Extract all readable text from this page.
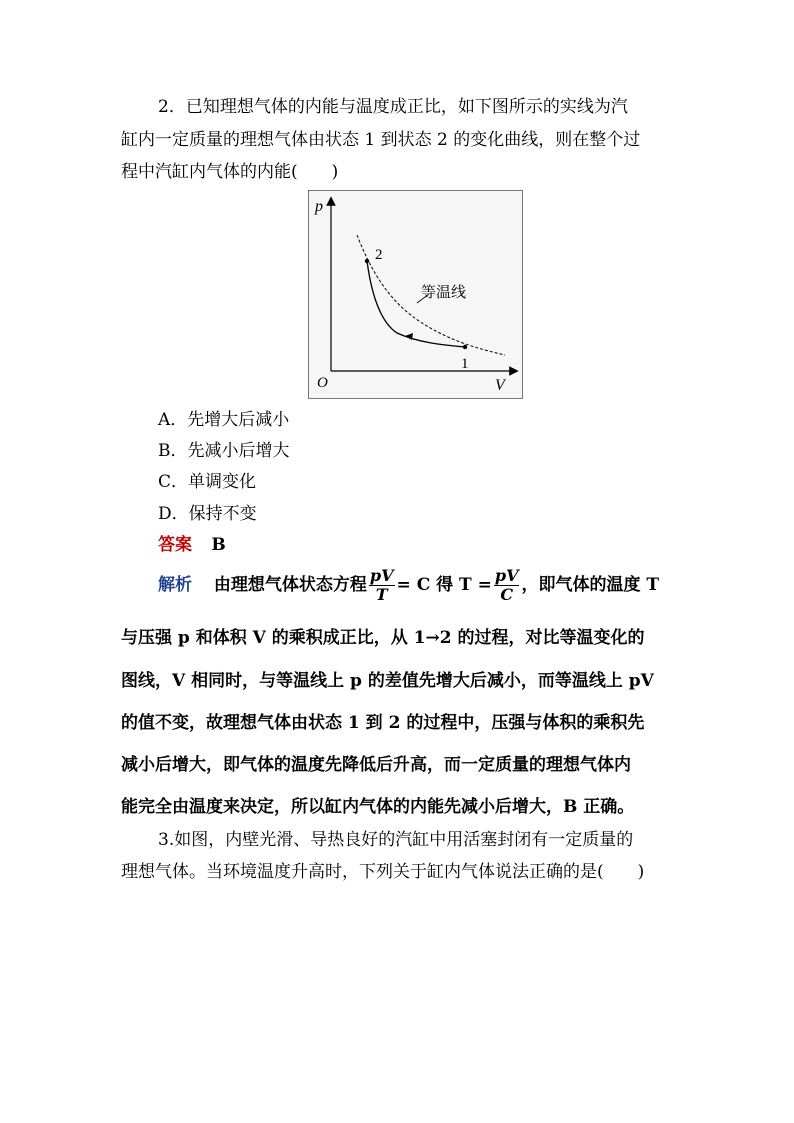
2．已知理想气体的内能与温度成正比，如下图所示的实线为汽
缸内一定质量的理想气体由状态 1 到状态 2 的变化曲线，则在整个过
程中汽缸内气体的内能(　　)
p
V
O
2
1
等温线
A．先增大后减小
B．先减小后增大
C．单调变化
D．保持不变
答案 B
解析 由理想气体状态方程 $\frac{pV}{T} = C$ 得 $T = \frac{pV}{C}$ ，即气体的温度 T
与压强 p 和体积 V 的乘积成正比，从 1→2 的过程，对比等温变化的
图线，V 相同时，与等温线上 p 的差值先增大后减小，而等温线上 pV
的值不变，故理想气体由状态 1 到 2 的过程中，压强与体积的乘积先
减小后增大，即气体的温度先降低后升高，而一定质量的理想气体内
能完全由温度来决定，所以缸内气体的内能先减小后增大，B 正确。
3.如图，内壁光滑、导热良好的汽缸中用活塞封闭有一定质量的
理想气体。当环境温度升高时，下列关于缸内气体说法正确的是(　　)
